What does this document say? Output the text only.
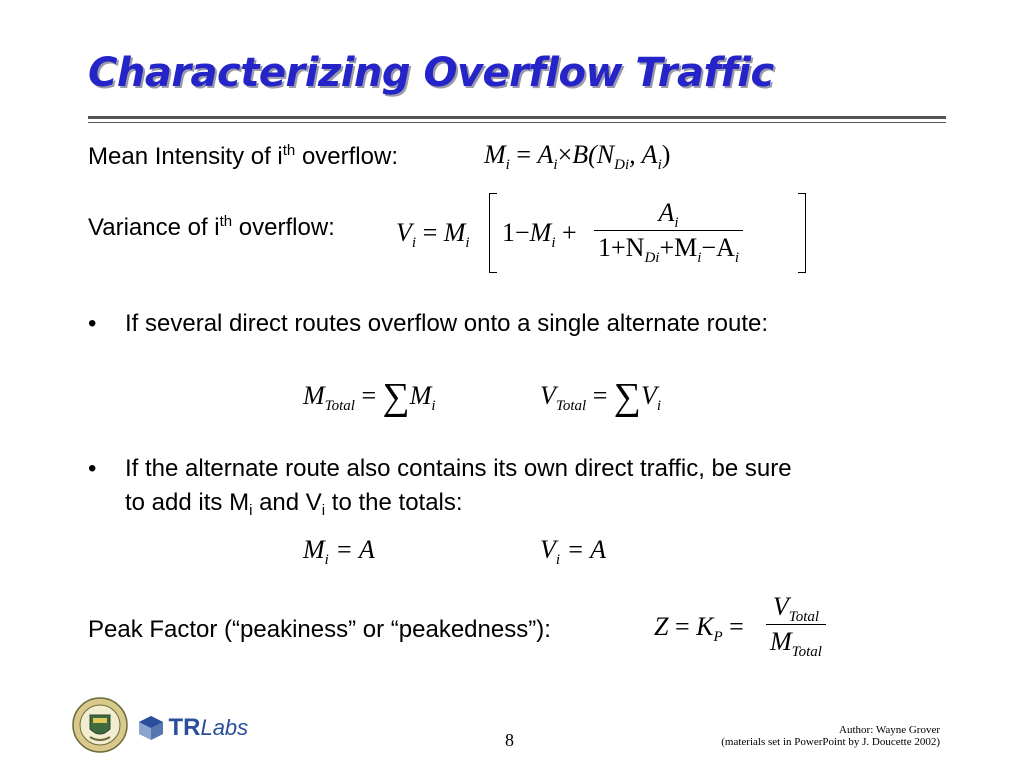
Characterizing Overflow Traffic
Mean Intensity of $i^{th}$ overflow:	$M_i = A_i\times B(N_{Di}$, $A_i$)
Variance of $i^{th}$ overflow: $V_i = M_i$ $1-M_i$ +
$A_i$
$1+N_{Di}+M_i-A_i$
• If several direct routes overflow onto a single alternate route:
$M_{Total} = \sum M_i$	$V_{Total} = \sum V_i$
• If the alternate route also contains its own direct traffic, be sure
to add its $M_i$ and $V_i$ to the totals:
$M_i = A$	$V_i = A$
Peak Factor (“peakiness” or “peakedness”):	$Z = K_P$ =
$V_{Total}$
$M_{Total}$
TRLabs	8	Author: Wayne Grover
(materials set in PowerPoint by J. Doucette 2002)
